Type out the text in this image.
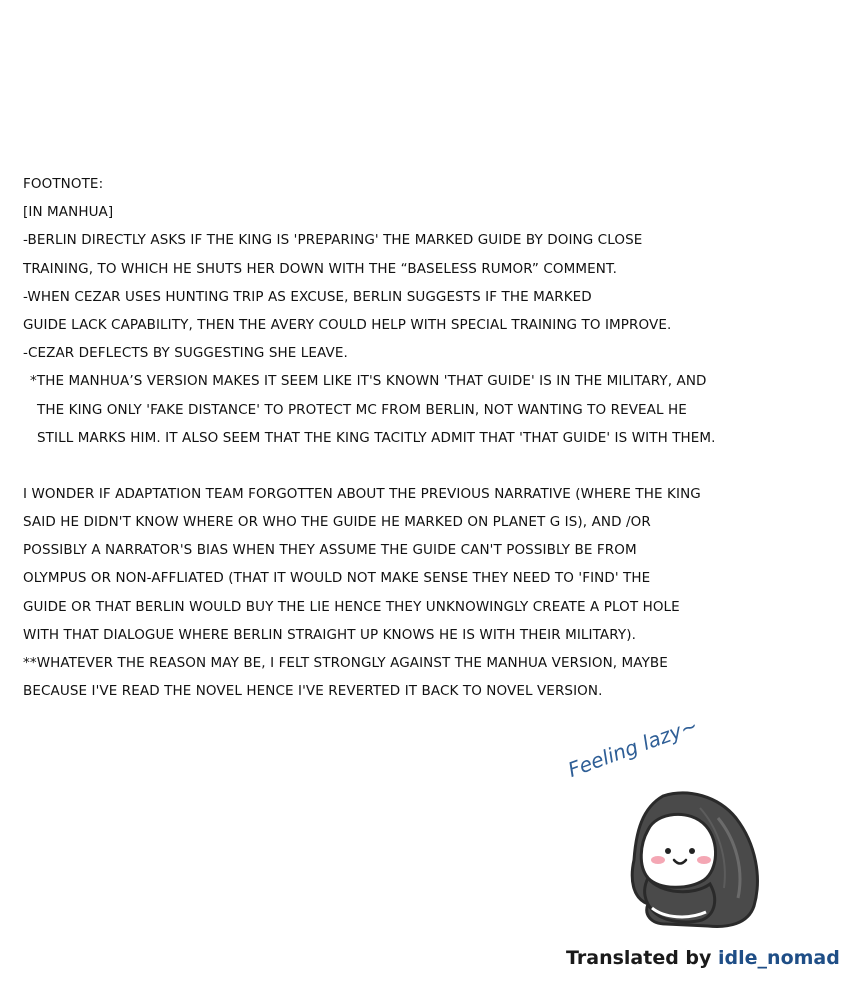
FOOTNOTE:
[IN MANHUA]
-BERLIN DIRECTLY ASKS IF THE KING IS 'PREPARING' THE MARKED GUIDE BY DOING CLOSE
TRAINING, TO WHICH HE SHUTS HER DOWN WITH THE “BASELESS RUMOR” COMMENT.
-WHEN CEZAR USES HUNTING TRIP AS EXCUSE, BERLIN SUGGESTS IF THE MARKED
GUIDE LACK CAPABILITY, THEN THE AVERY COULD HELP WITH SPECIAL TRAINING TO IMPROVE.
-CEZAR DEFLECTS BY SUGGESTING SHE LEAVE.
*THE MANHUA’S VERSION MAKES IT SEEM LIKE IT'S KNOWN 'THAT GUIDE' IS IN THE MILITARY, AND
THE KING ONLY 'FAKE DISTANCE' TO PROTECT MC FROM BERLIN, NOT WANTING TO REVEAL HE
STILL MARKS HIM. IT ALSO SEEM THAT THE KING TACITLY ADMIT THAT 'THAT GUIDE' IS WITH THEM.
I WONDER IF ADAPTATION TEAM FORGOTTEN ABOUT THE PREVIOUS NARRATIVE (WHERE THE KING
SAID HE DIDN'T KNOW WHERE OR WHO THE GUIDE HE MARKED ON PLANET G IS), AND /OR
POSSIBLY A NARRATOR'S BIAS WHEN THEY ASSUME THE GUIDE CAN'T POSSIBLY BE FROM
OLYMPUS OR NON-AFFLIATED (THAT IT WOULD NOT MAKE SENSE THEY NEED TO 'FIND' THE
GUIDE OR THAT BERLIN WOULD BUY THE LIE HENCE THEY UNKNOWINGLY CREATE A PLOT HOLE
WITH THAT DIALOGUE WHERE BERLIN STRAIGHT UP KNOWS HE IS WITH THEIR MILITARY).
**WHATEVER THE REASON MAY BE, I FELT STRONGLY AGAINST THE MANHUA VERSION, MAYBE
BECAUSE I'VE READ THE NOVEL HENCE I'VE REVERTED IT BACK TO NOVEL VERSION.
Feeling lazy~
Translated by idle_nomad
